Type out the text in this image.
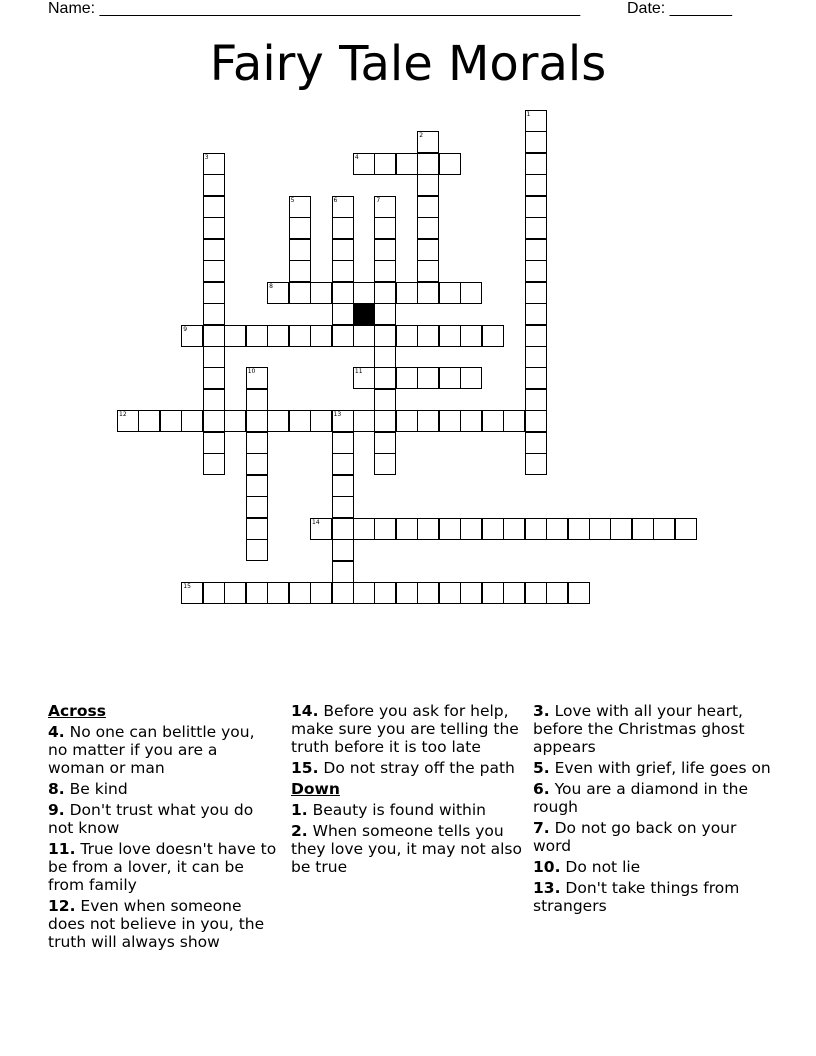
Name: ______________________________________________________	Date: _______
Fairy Tale Morals
1
2
3	4
5	6	7
8
9
10	11
12	13
14
15
Across
4. No one can belittle you, no matter if you are a woman or man
8. Be kind
9. Don't trust what you do not know
11. True love doesn't have to be from a lover, it can be from family
12. Even when someone does not believe in you, the truth will always show
14. Before you ask for help, make sure you are telling the truth before it is too late
15. Do not stray off the path
Down
1. Beauty is found within
2. When someone tells you they love you, it may not also be true
3. Love with all your heart, before the Christmas ghost appears
5. Even with grief, life goes on
6. You are a diamond in the rough
7. Do not go back on your word
10. Do not lie
13. Don't take things from strangers
